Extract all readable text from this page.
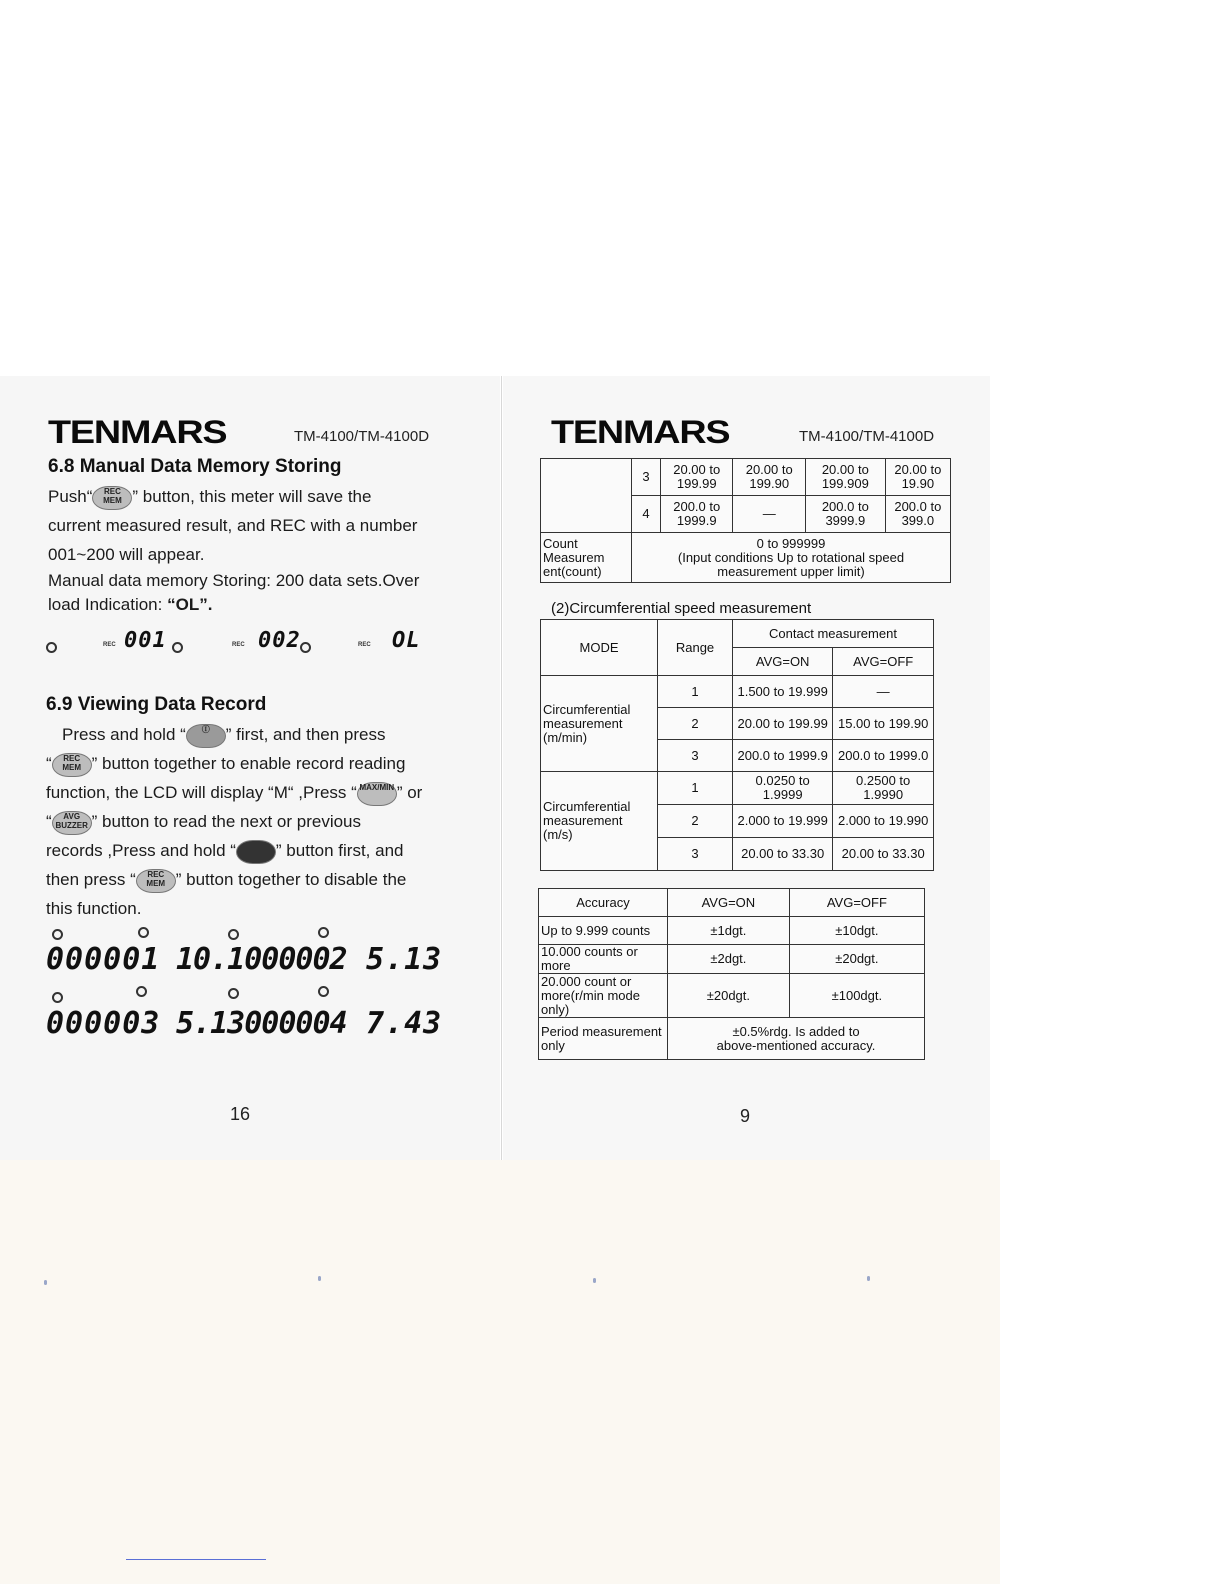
TENMARS	TM-4100/TM-4100D
6.8 Manual Data Memory Storing
Push“ REC
MEM ” button, this meter will save the
current measured result, and REC with a number
001~200 will appear.
Manual data memory Storing: 200 data sets.Over
load Indication: “OL”.
REC 001	REC 002	REC OL
6.9 Viewing Data Record
Press and hold “ Ⓘ ” first, and then press
“ REC
MEM ” button together to enable record reading
function, the LCD will display “M“ ,Press “ MAX/MIN ” or
“ AVG
BUZZER ” button to read the next or previous
records ,Press and hold “ ” button first, and
then press “ REC
MEM ” button together to disable the
this function.
000001 10.1000002 5.13
000003 5.13000004 7.43
16
TENMARS	TM-4100/TM-4100D
	3	20.00 to 199.99	20.00 to 199.90	20.00 to 199.909	20.00 to 19.90
	4	200.0 to 1999.9	—	200.0 to 3999.9	200.0 to 399.0
Count Measurem ent(count)	0 to 999999
(Input conditions Up to rotational speed
measurement upper limit)				
(2)Circumferential speed measurement
MODE	Range	Contact measurement	
		AVG=ON	AVG=OFF
Circumferential measurement (m/min)	1	1.500 to 19.999	—
	2	20.00 to 199.99	15.00 to 199.90
	3	200.0 to 1999.9	200.0 to 1999.0
Circumferential measurement (m/s)	1	0.0250 to 1.9999	0.2500 to 1.9990
	2	2.000 to 19.999	2.000 to 19.990
	3	20.00 to 33.30	20.00 to 33.30
Accuracy	AVG=ON	AVG=OFF
Up to 9.999 counts	±1dgt.	±10dgt.
10.000 counts or more	±2dgt.	±20dgt.
20.000 count or more(r/min mode only)	±20dgt.	±100dgt.
Period measurement only	±0.5%rdg. Is added to
above-mentioned accuracy.	
9
